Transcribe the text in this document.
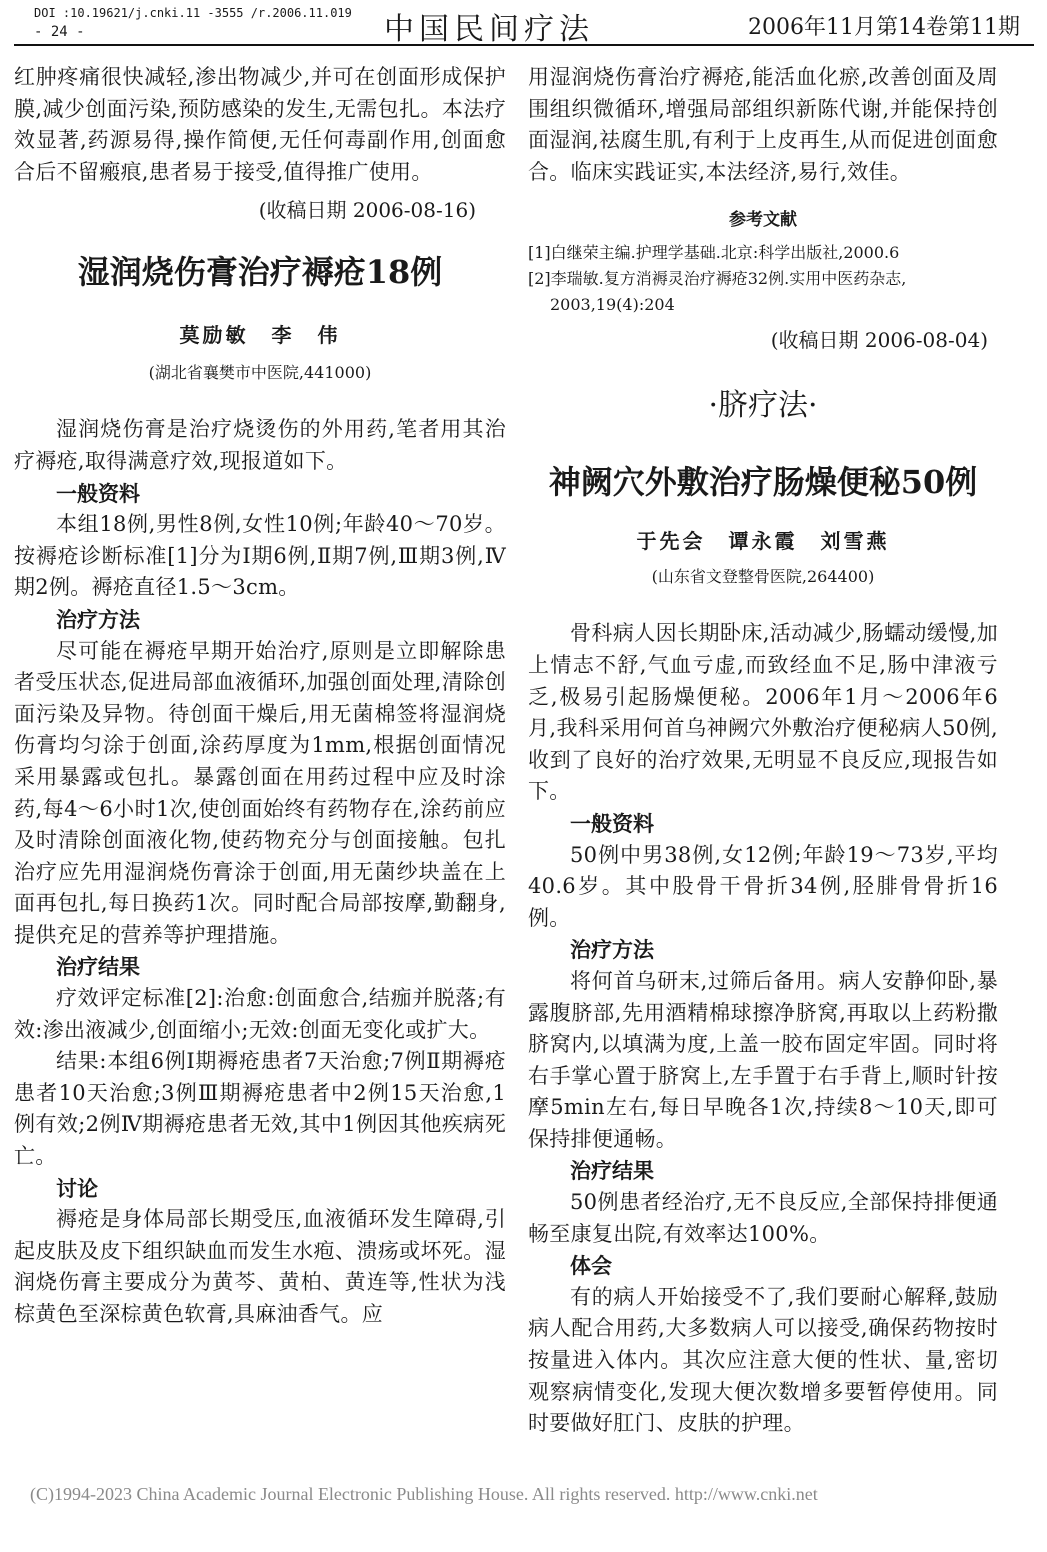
DOI :10.19621/j.cnki.11 -3555 /r.2006.11.019
- 24 -	中国民间疗法	2006年11月第14卷第11期

红肿疼痛很快减轻,渗出物减少,并可在创面形成保护膜,减少创面污染,预防感染的发生,无需包扎。本法疗效显著,药源易得,操作简便,无任何毒副作用,创面愈合后不留瘢痕,患者易于接受,值得推广使用。

(收稿日期 2006-08-16)

湿润烧伤膏治疗褥疮18例

莫励敏　李　伟

(湖北省襄樊市中医院,441000)

湿润烧伤膏是治疗烧烫伤的外用药,笔者用其治疗褥疮,取得满意疗效,现报道如下。

一般资料

本组18例,男性8例,女性10例;年龄40～70岁。按褥疮诊断标准[1]分为Ⅰ期6例,Ⅱ期7例,Ⅲ期3例,Ⅳ期2例。褥疮直径1.5～3cm。

治疗方法

尽可能在褥疮早期开始治疗,原则是立即解除患者受压状态,促进局部血液循环,加强创面处理,清除创面污染及异物。待创面干燥后,用无菌棉签将湿润烧伤膏均匀涂于创面,涂药厚度为1mm,根据创面情况采用暴露或包扎。暴露创面在用药过程中应及时涂药,每4～6小时1次,使创面始终有药物存在,涂药前应及时清除创面液化物,使药物充分与创面接触。包扎治疗应先用湿润烧伤膏涂于创面,用无菌纱块盖在上面再包扎,每日换药1次。同时配合局部按摩,勤翻身,提供充足的营养等护理措施。

治疗结果

疗效评定标准[2]:治愈:创面愈合,结痂并脱落;有效:渗出液减少,创面缩小;无效:创面无变化或扩大。

结果:本组6例Ⅰ期褥疮患者7天治愈;7例Ⅱ期褥疮患者10天治愈;3例Ⅲ期褥疮患者中2例15天治愈,1例有效;2例Ⅳ期褥疮患者无效,其中1例因其他疾病死亡。

讨论

褥疮是身体局部长期受压,血液循环发生障碍,引起皮肤及皮下组织缺血而发生水疱、溃疡或坏死。湿润烧伤膏主要成分为黄芩、黄柏、黄连等,性状为浅棕黄色至深棕黄色软膏,具麻油香气。应

用湿润烧伤膏治疗褥疮,能活血化瘀,改善创面及周围组织微循环,增强局部组织新陈代谢,并能保持创面湿润,祛腐生肌,有利于上皮再生,从而促进创面愈合。临床实践证实,本法经济,易行,效佳。

参考文献

[1]白继荣主编.护理学基础.北京:科学出版社,2000.6

[2]李瑞敏.复方消褥灵治疗褥疮32例.实用中医药杂志,

2003,19(4):204

(收稿日期 2006-08-04)

·脐疗法·

神阙穴外敷治疗肠燥便秘50例

于先会　谭永霞　刘雪燕

(山东省文登整骨医院,264400)

骨科病人因长期卧床,活动减少,肠蠕动缓慢,加上情志不舒,气血亏虚,而致经血不足,肠中津液亏乏,极易引起肠燥便秘。2006年1月～2006年6月,我科采用何首乌神阙穴外敷治疗便秘病人50例,收到了良好的治疗效果,无明显不良反应,现报告如下。

一般资料

50例中男38例,女12例;年龄19～73岁,平均40.6岁。其中股骨干骨折34例,胫腓骨骨折16例。

治疗方法

将何首乌研末,过筛后备用。病人安静仰卧,暴露腹脐部,先用酒精棉球擦净脐窝,再取以上药粉撒脐窝内,以填满为度,上盖一胶布固定牢固。同时将右手掌心置于脐窝上,左手置于右手背上,顺时针按摩5min左右,每日早晚各1次,持续8～10天,即可保持排便通畅。

治疗结果

50例患者经治疗,无不良反应,全部保持排便通畅至康复出院,有效率达100%。

体会

有的病人开始接受不了,我们要耐心解释,鼓励病人配合用药,大多数病人可以接受,确保药物按时按量进入体内。其次应注意大便的性状、量,密切观察病情变化,发现大便次数增多要暂停使用。同时要做好肛门、皮肤的护理。

(C)1994-2023 China Academic Journal Electronic Publishing House. All rights reserved. http://www.cnki.net
